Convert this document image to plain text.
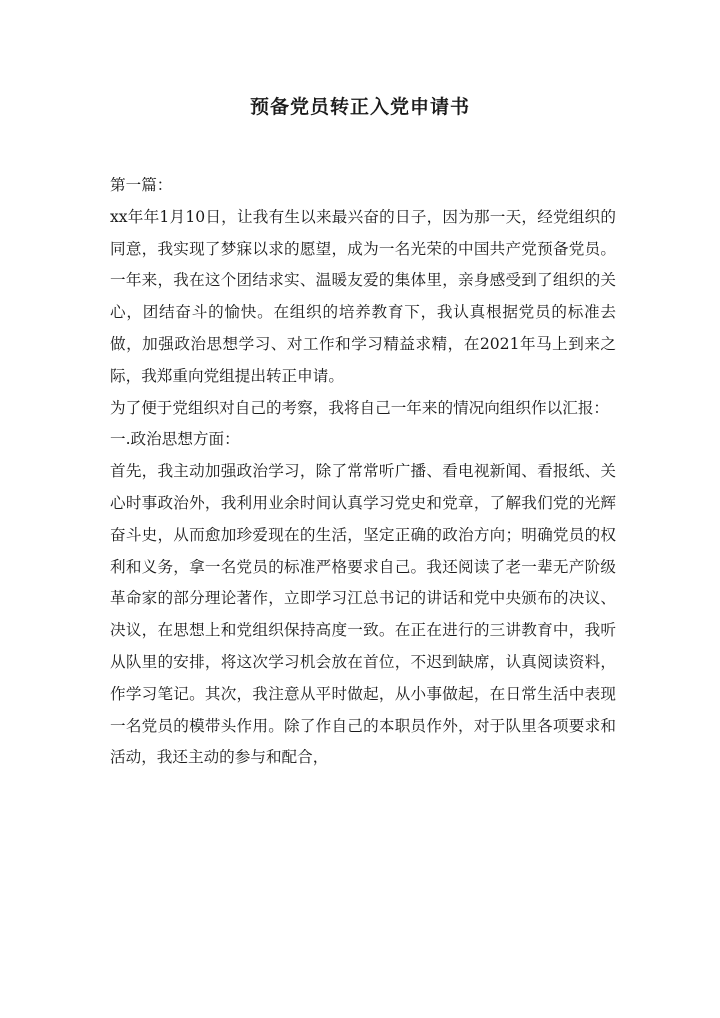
预备党员转正入党申请书

第一篇：

xx年年1月10日，让我有生以来最兴奋的日子，因为那一天，经党组织的同意，我实现了梦寐以求的愿望，成为一名光荣的中国共产党预备党员。一年来，我在这个团结求实、温暖友爱的集体里，亲身感受到了组织的关心，团结奋斗的愉快。在组织的培养教育下，我认真根据党员的标准去做，加强政治思想学习、对工作和学习精益求精，在2021年马上到来之际，我郑重向党组提出转正申请。

为了便于党组织对自己的考察，我将自己一年来的情况向组织作以汇报：

一.政治思想方面：

首先，我主动加强政治学习，除了常常听广播、看电视新闻、看报纸、关心时事政治外，我利用业余时间认真学习党史和党章，了解我们党的光辉奋斗史，从而愈加珍爱现在的生活，坚定正确的政治方向；明确党员的权利和义务，拿一名党员的标准严格要求自己。我还阅读了老一辈无产阶级革命家的部分理论著作，立即学习江总书记的讲话和党中央颁布的决议、决议，在思想上和党组织保持高度一致。在正在进行的三讲教育中，我听从队里的安排，将这次学习机会放在首位，不迟到缺席，认真阅读资料，作学习笔记。其次，我注意从平时做起，从小事做起，在日常生活中表现一名党员的模带头作用。除了作自己的本职员作外，对于队里各项要求和活动，我还主动的参与和配合，
